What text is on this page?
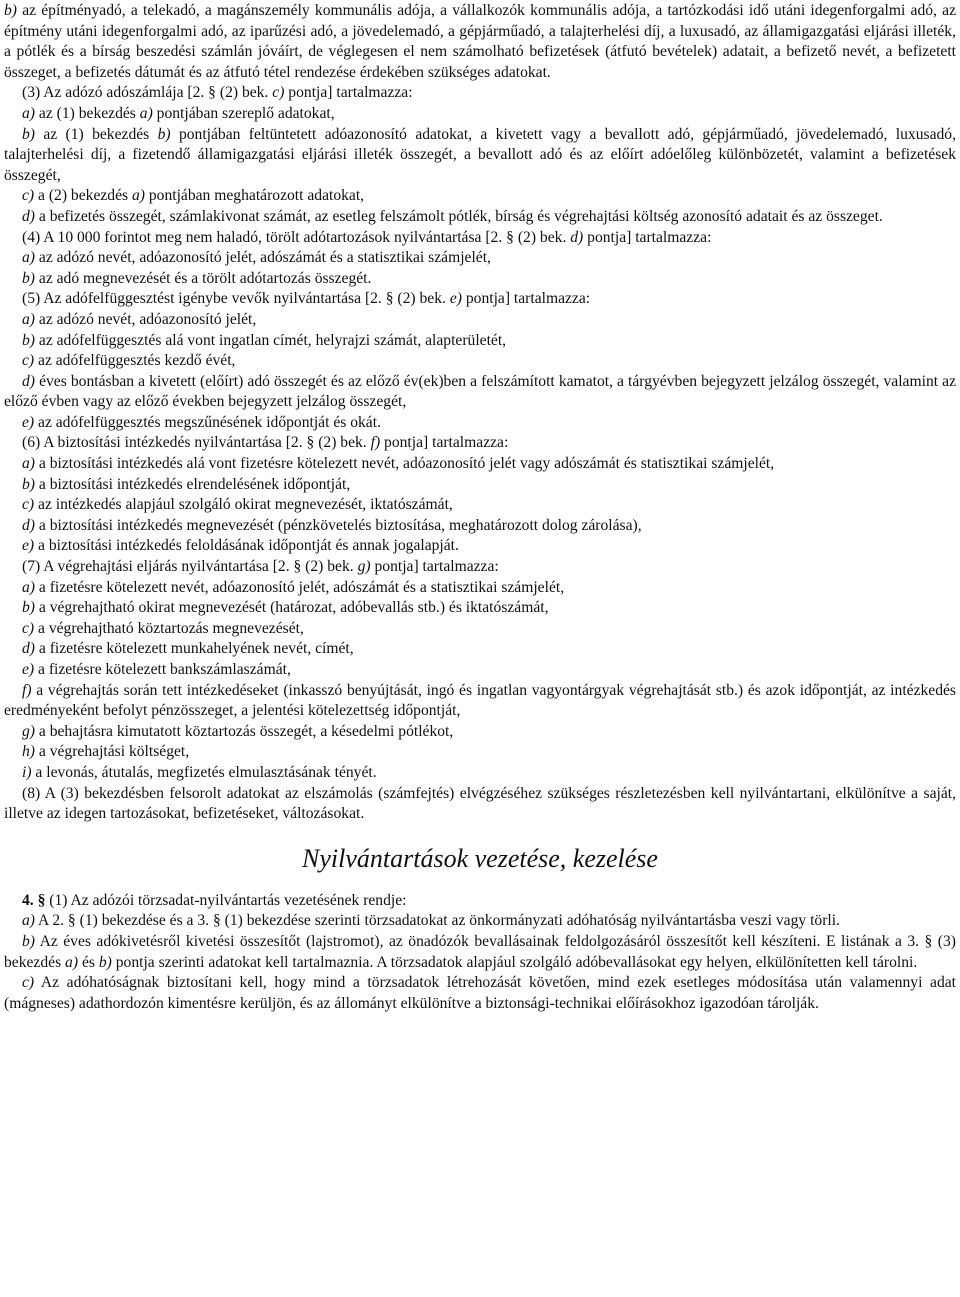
b) az építményadó, a telekadó, a magánszemély kommunális adója, a vállalkozók kommunális adója, a tartózkodási idő utáni idegenforgalmi adó, az építmény utáni idegenforgalmi adó, az iparűzési adó, a jövedelemadó, a gépjárműadó, a talajterhelési díj, a luxusadó, az államigazgatási eljárási illeték, a pótlék és a bírság beszedési számlán jóváírt, de véglegesen el nem számolható befizetések (átfutó bevételek) adatait, a befizető nevét, a befizetett összeget, a befizetés dátumát és az átfutó tétel rendezése érdekében szükséges adatokat.

(3) Az adózó adószámlája [2. § (2) bek. c) pontja] tartalmazza:

a) az (1) bekezdés a) pontjában szereplő adatokat,

b) az (1) bekezdés b) pontjában feltüntetett adóazonosító adatokat, a kivetett vagy a bevallott adó, gépjárműadó, jövedelemadó, luxusadó, talajterhelési díj, a fizetendő államigazgatási eljárási illeték összegét, a bevallott adó és az előírt adóelőleg különbözetét, valamint a befizetések összegét,

c) a (2) bekezdés a) pontjában meghatározott adatokat,

d) a befizetés összegét, számlakivonat számát, az esetleg felszámolt pótlék, bírság és végrehajtási költség azonosító adatait és az összeget.

(4) A 10 000 forintot meg nem haladó, törölt adótartozások nyilvántartása [2. § (2) bek. d) pontja] tartalmazza:

a) az adózó nevét, adóazonosító jelét, adószámát és a statisztikai számjelét,

b) az adó megnevezését és a törölt adótartozás összegét.

(5) Az adófelfüggesztést igénybe vevők nyilvántartása [2. § (2) bek. e) pontja] tartalmazza:

a) az adózó nevét, adóazonosító jelét,

b) az adófelfüggesztés alá vont ingatlan címét, helyrajzi számát, alapterületét,

c) az adófelfüggesztés kezdő évét,

d) éves bontásban a kivetett (előírt) adó összegét és az előző év(ek)ben a felszámított kamatot, a tárgyévben bejegyzett jelzálog összegét, valamint az előző évben vagy az előző években bejegyzett jelzálog összegét,

e) az adófelfüggesztés megszűnésének időpontját és okát.

(6) A biztosítási intézkedés nyilvántartása [2. § (2) bek. f) pontja] tartalmazza:

a) a biztosítási intézkedés alá vont fizetésre kötelezett nevét, adóazonosító jelét vagy adószámát és statisztikai számjelét,

b) a biztosítási intézkedés elrendelésének időpontját,

c) az intézkedés alapjául szolgáló okirat megnevezését, iktatószámát,

d) a biztosítási intézkedés megnevezését (pénzkövetelés biztosítása, meghatározott dolog zárolása),

e) a biztosítási intézkedés feloldásának időpontját és annak jogalapját.

(7) A végrehajtási eljárás nyilvántartása [2. § (2) bek. g) pontja] tartalmazza:

a) a fizetésre kötelezett nevét, adóazonosító jelét, adószámát és a statisztikai számjelét,

b) a végrehajtható okirat megnevezését (határozat, adóbevallás stb.) és iktatószámát,

c) a végrehajtható köztartozás megnevezését,

d) a fizetésre kötelezett munkahelyének nevét, címét,

e) a fizetésre kötelezett bankszámlaszámát,

f) a végrehajtás során tett intézkedéseket (inkasszó benyújtását, ingó és ingatlan vagyontárgyak végrehajtását stb.) és azok időpontját, az intézkedés eredményeként befolyt pénzösszeget, a jelentési kötelezettség időpontját,

g) a behajtásra kimutatott köztartozás összegét, a késedelmi pótlékot,

h) a végrehajtási költséget,

i) a levonás, átutalás, megfizetés elmulasztásának tényét.

(8) A (3) bekezdésben felsorolt adatokat az elszámolás (számfejtés) elvégzéséhez szükséges részletezésben kell nyilvántartani, elkülönítve a saját, illetve az idegen tartozásokat, befizetéseket, változásokat.

Nyilvántartások vezetése, kezelése

4. § (1) Az adózói törzsadat-nyilvántartás vezetésének rendje:

a) A 2. § (1) bekezdése és a 3. § (1) bekezdése szerinti törzsadatokat az önkormányzati adóhatóság nyilvántartásba veszi vagy törli.

b) Az éves adókivetésről kivetési összesítőt (lajstromot), az önadózók bevallásainak feldolgozásáról összesítőt kell készíteni. E listának a 3. § (3) bekezdés a) és b) pontja szerinti adatokat kell tartalmaznia. A törzsadatok alapjául szolgáló adóbevallásokat egy helyen, elkülönítetten kell tárolni.

c) Az adóhatóságnak biztosítani kell, hogy mind a törzsadatok létrehozását követően, mind ezek esetleges módosítása után valamennyi adat (mágneses) adathordozón kimentésre kerüljön, és az állományt elkülönítve a biztonsági-technikai előírásokhoz igazodóan tárolják.
